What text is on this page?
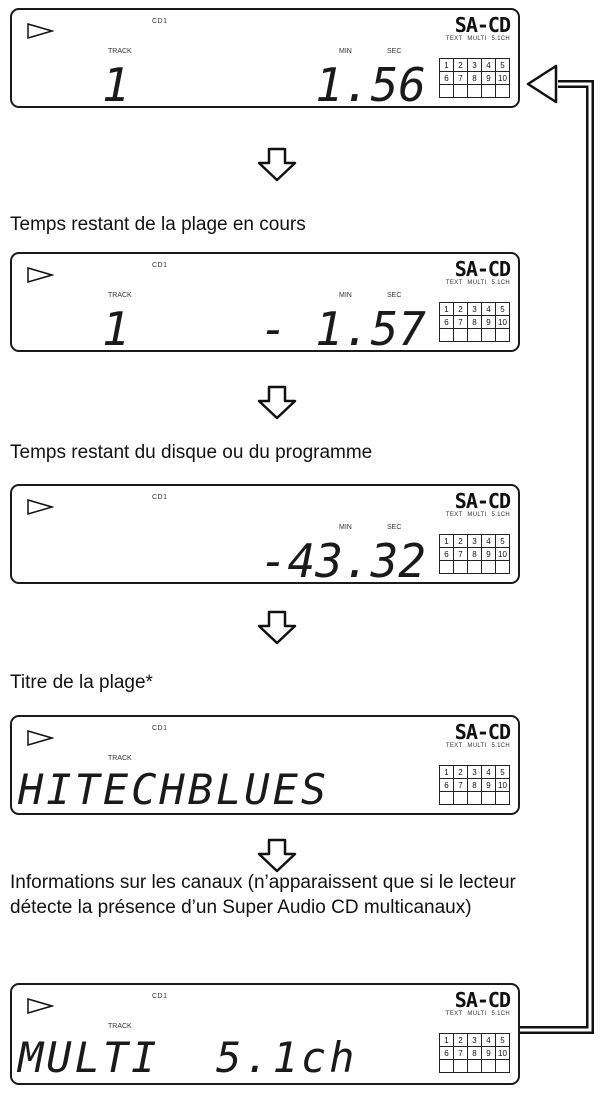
CD1	SA-CD
TEXT MULTI 5.1CH
TRACK	MIN	SEC
1	1.56 1	2	3	4	5
6	7	8	9	10

Temps restant de la plage en cours

CD1	SA-CD
TEXT MULTI 5.1CH
TRACK	MIN	SEC
1	- 1.57 1	2	3	4	5
6	7	8	9	10

Temps restant du disque ou du programme

CD1	SA-CD
TEXT MULTI 5.1CH
MIN	SEC
-43.32 1	2	3	4	5
6	7	8	9	10

Titre de la plage*

CD1	SA-CD
TEXT MULTI 5.1CH
TRACK
HITECHBLUES	1	2	3	4	5
6	7	8	9	10

Informations sur les canaux (n’apparaissent que si le lecteur détecte la présence d’un Super Audio CD multicanaux)

CD1	SA-CD
TEXT MULTI 5.1CH
TRACK
MULTI  5.1ch	1	2	3	4	5
6	7	8	9	10
